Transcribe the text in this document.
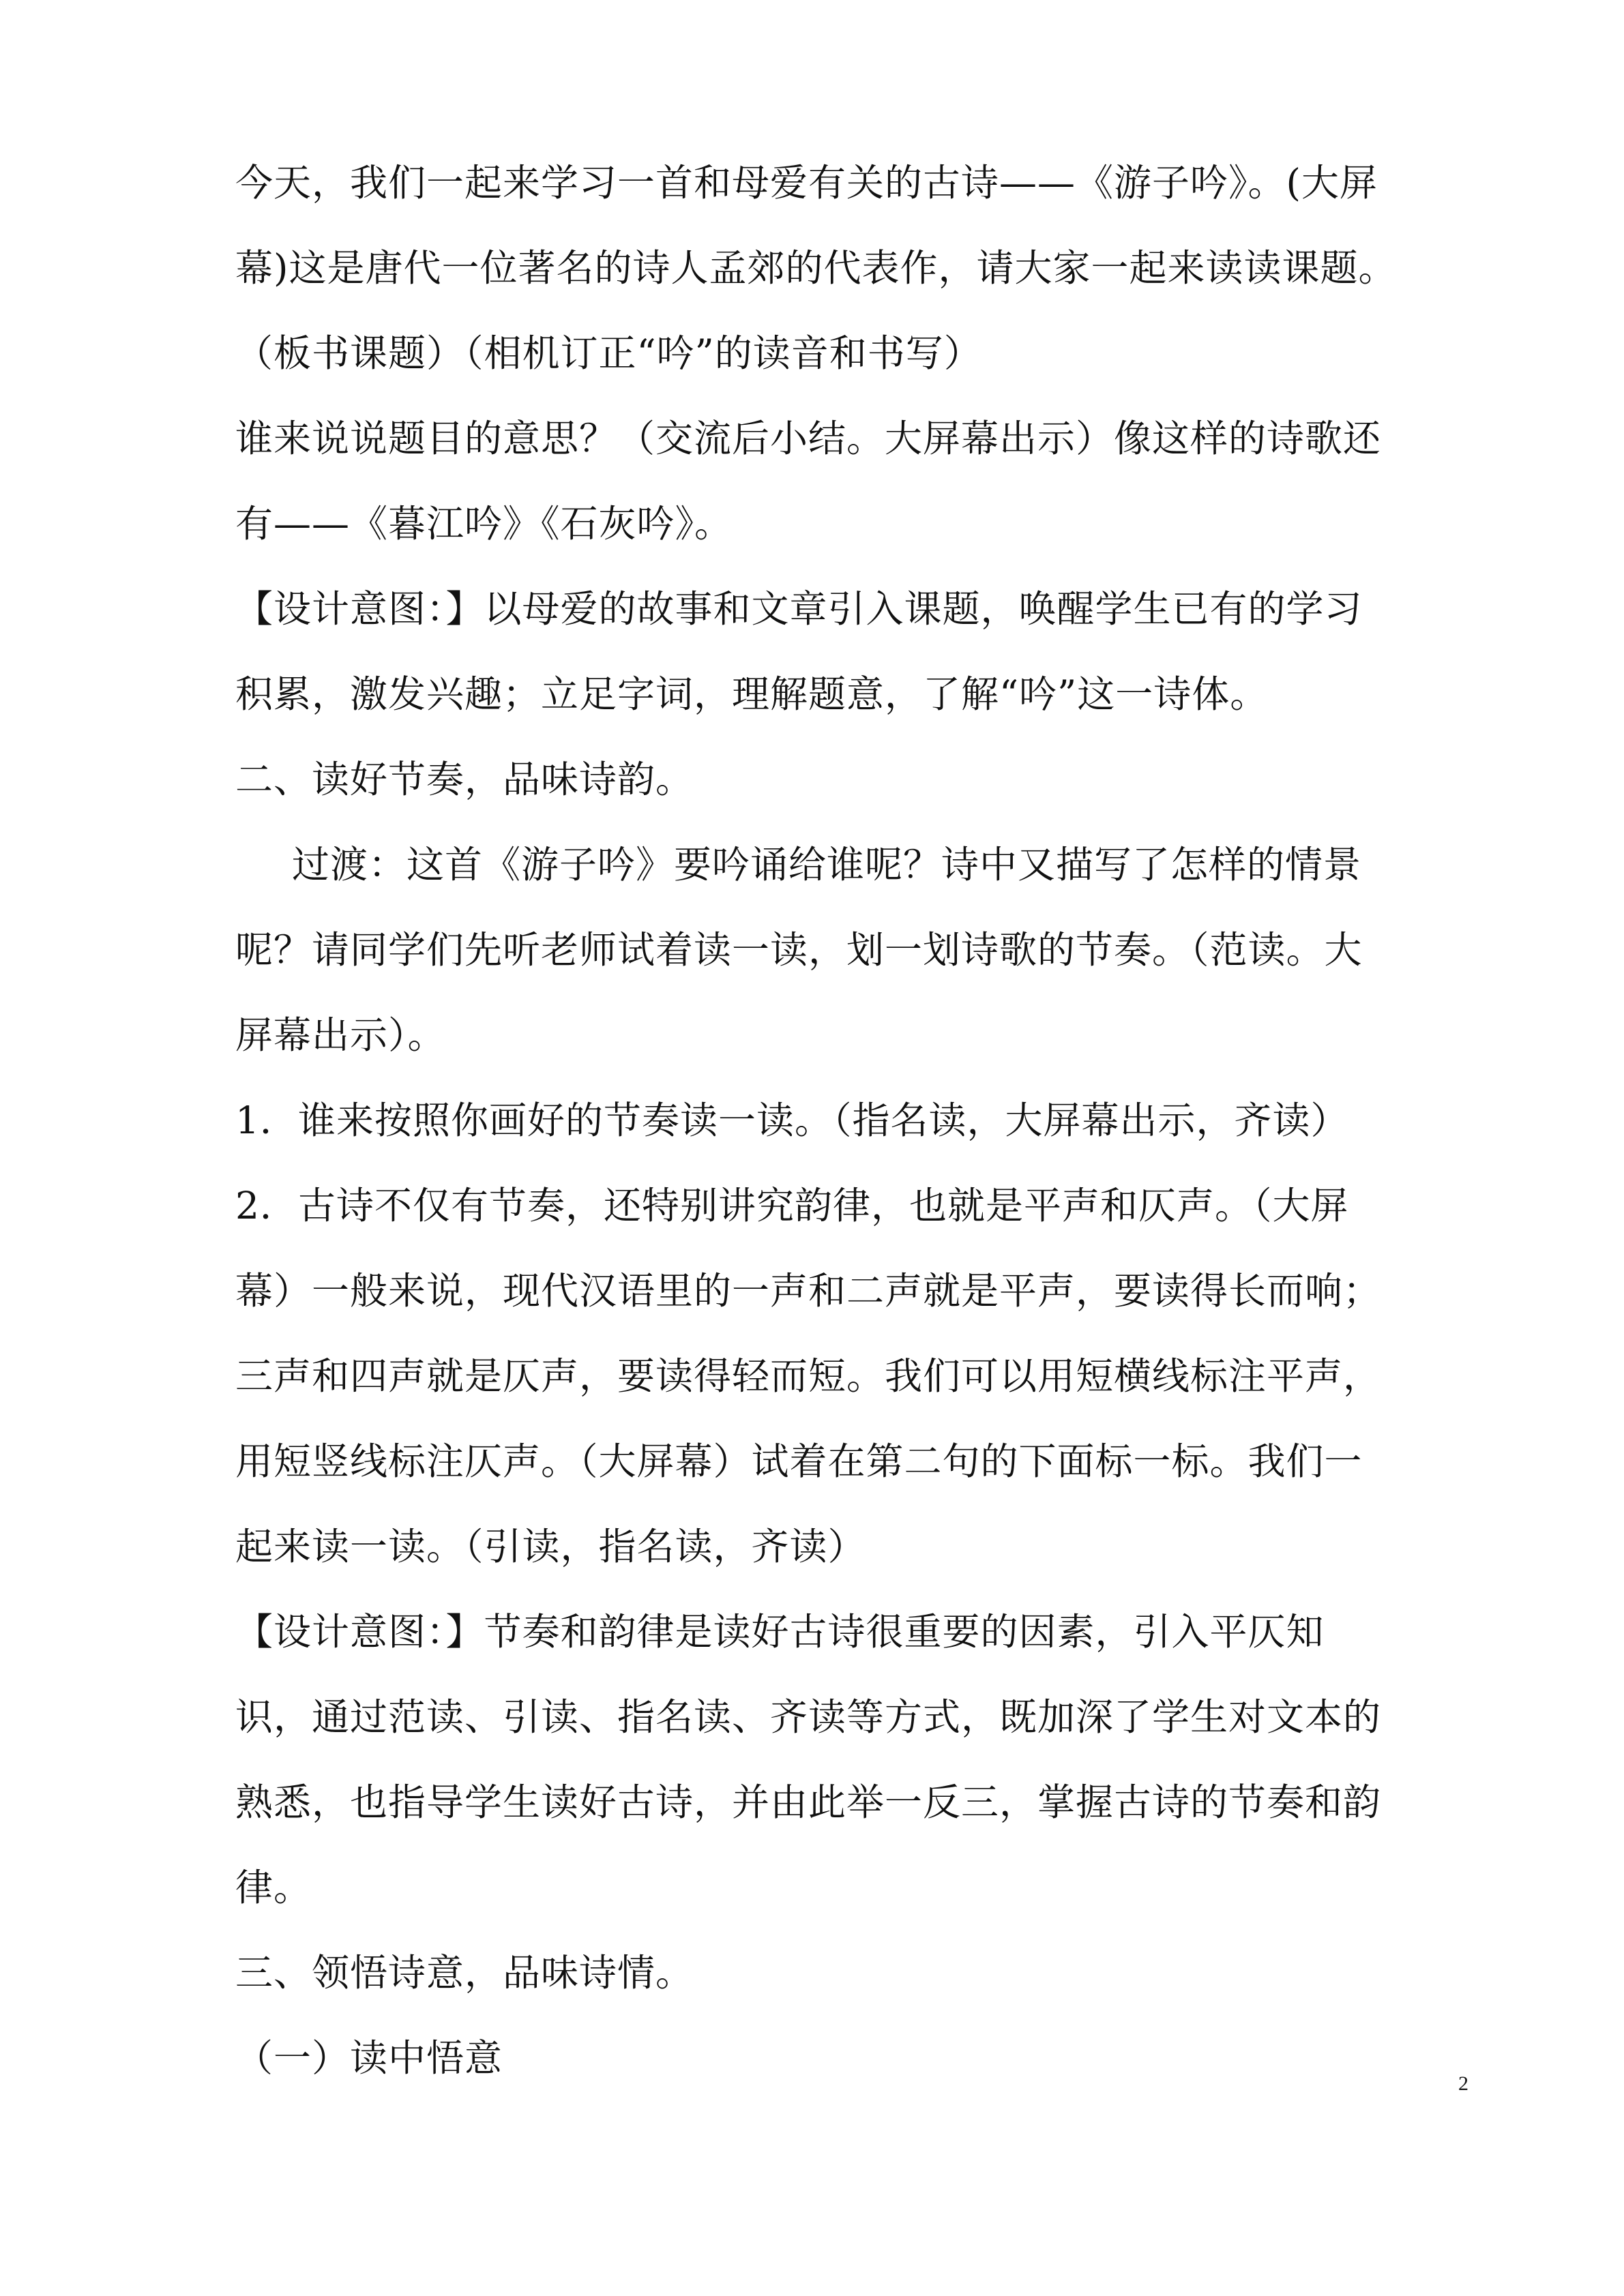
今天，我们一起来学习一首和母爱有关的古诗——《游子吟》。(大屏
幕)这是唐代一位著名的诗人孟郊的代表作，请大家一起来读读课题。
（板书课题）（相机订正“吟”的读音和书写）
谁来说说题目的意思？（交流后小结。大屏幕出示）像这样的诗歌还
有——《暮江吟》《石灰吟》。
【设计意图：】以母爱的故事和文章引入课题，唤醒学生已有的学习
积累，激发兴趣；立足字词，理解题意，了解“吟”这一诗体。
二、读好节奏，品味诗韵。
过渡：这首《游子吟》要吟诵给谁呢？诗中又描写了怎样的情景
呢？请同学们先听老师试着读一读，划一划诗歌的节奏。（范读。大
屏幕出示）。
1．谁来按照你画好的节奏读一读。（指名读，大屏幕出示，齐读）
2．古诗不仅有节奏，还特别讲究韵律，也就是平声和仄声。（大屏
幕）一般来说，现代汉语里的一声和二声就是平声，要读得长而响；
三声和四声就是仄声，要读得轻而短。我们可以用短横线标注平声，
用短竖线标注仄声。（大屏幕）试着在第二句的下面标一标。我们一
起来读一读。（引读，指名读，齐读）
【设计意图：】节奏和韵律是读好古诗很重要的因素，引入平仄知
识，通过范读、引读、指名读、齐读等方式，既加深了学生对文本的
熟悉，也指导学生读好古诗，并由此举一反三，掌握古诗的节奏和韵
律。
三、领悟诗意，品味诗情。
（一）读中悟意
2
